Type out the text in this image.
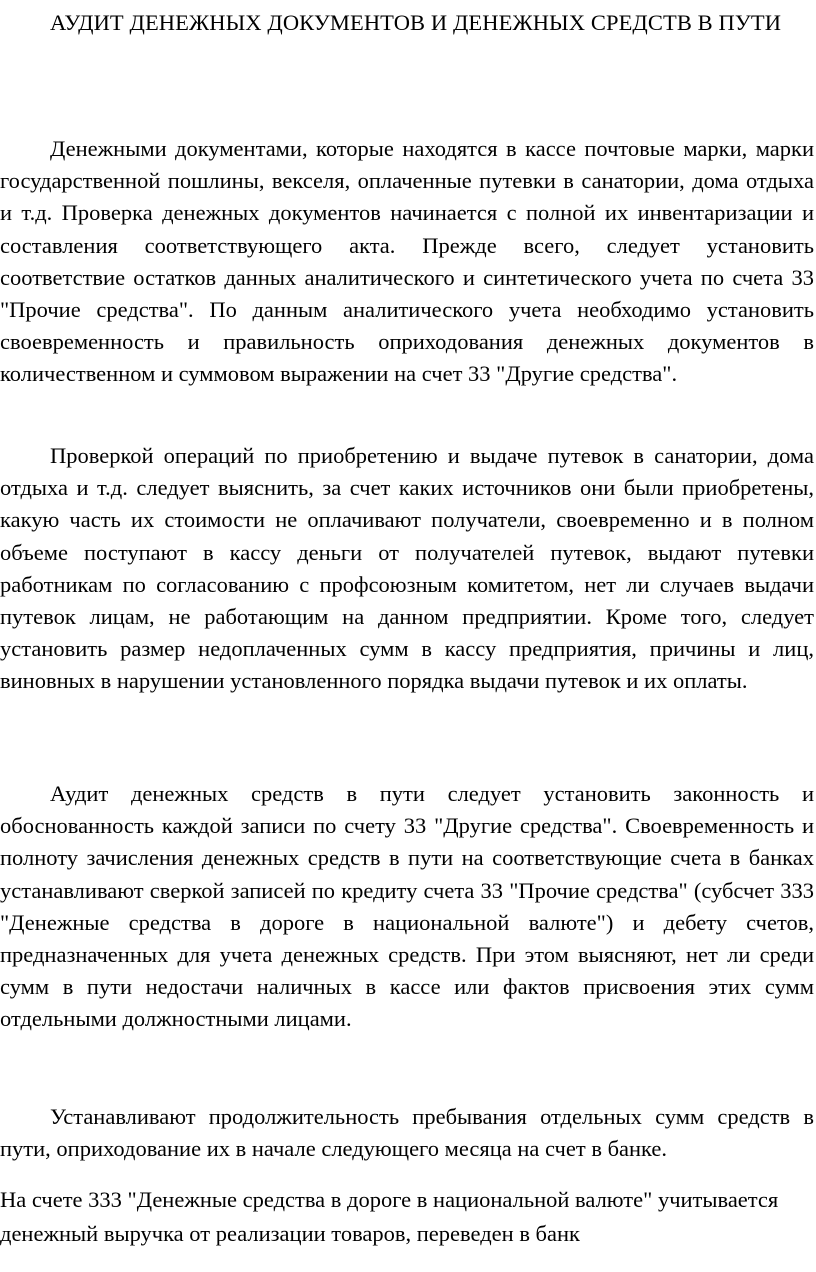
АУДИТ ДЕНЕЖНЫХ ДОКУМЕНТОВ И ДЕНЕЖНЫХ СРЕДСТВ В ПУТИ

Денежными документами, которые находятся в кассе почтовые марки, марки государственной пошлины, векселя, оплаченные путевки в санатории, дома отдыха и т.д. Проверка денежных документов начинается с полной их инвентаризации и составления соответствующего акта. Прежде всего, следует установить соответствие остатков данных аналитического и синтетического учета по счета 33 "Прочие средства". По данным аналитического учета необходимо установить своевременность и правильность оприходования денежных документов в количественном и суммовом выражении на счет 33 "Другие средства".

Проверкой операций по приобретению и выдаче путевок в санатории, дома отдыха и т.д. следует выяснить, за счет каких источников они были приобретены, какую часть их стоимости не оплачивают получатели, своевременно и в полном объеме поступают в кассу деньги от получателей путевок, выдают путевки работникам по согласованию с профсоюзным комитетом, нет ли случаев выдачи путевок лицам, не работающим на данном предприятии. Кроме того, следует установить размер недоплаченных сумм в кассу предприятия, причины и лиц, виновных в нарушении установленного порядка выдачи путевок и их оплаты.

Аудит денежных средств в пути следует установить законность и обоснованность каждой записи по счету 33 "Другие средства". Своевременность и полноту зачисления денежных средств в пути на соответствующие счета в банках устанавливают сверкой записей по кредиту счета 33 "Прочие средства" (субсчет 333 "Денежные средства в дороге в национальной валюте") и дебету счетов, предназначенных для учета денежных средств. При этом выясняют, нет ли среди сумм в пути недостачи наличных в кассе или фактов присвоения этих сумм отдельными должностными лицами.

Устанавливают продолжительность пребывания отдельных сумм средств в пути, оприходование их в начале следующего месяца на счет в банке.

На счете 333 "Денежные средства в дороге в национальной валюте" учитывается денежный выручка от реализации товаров, переведен в банк
